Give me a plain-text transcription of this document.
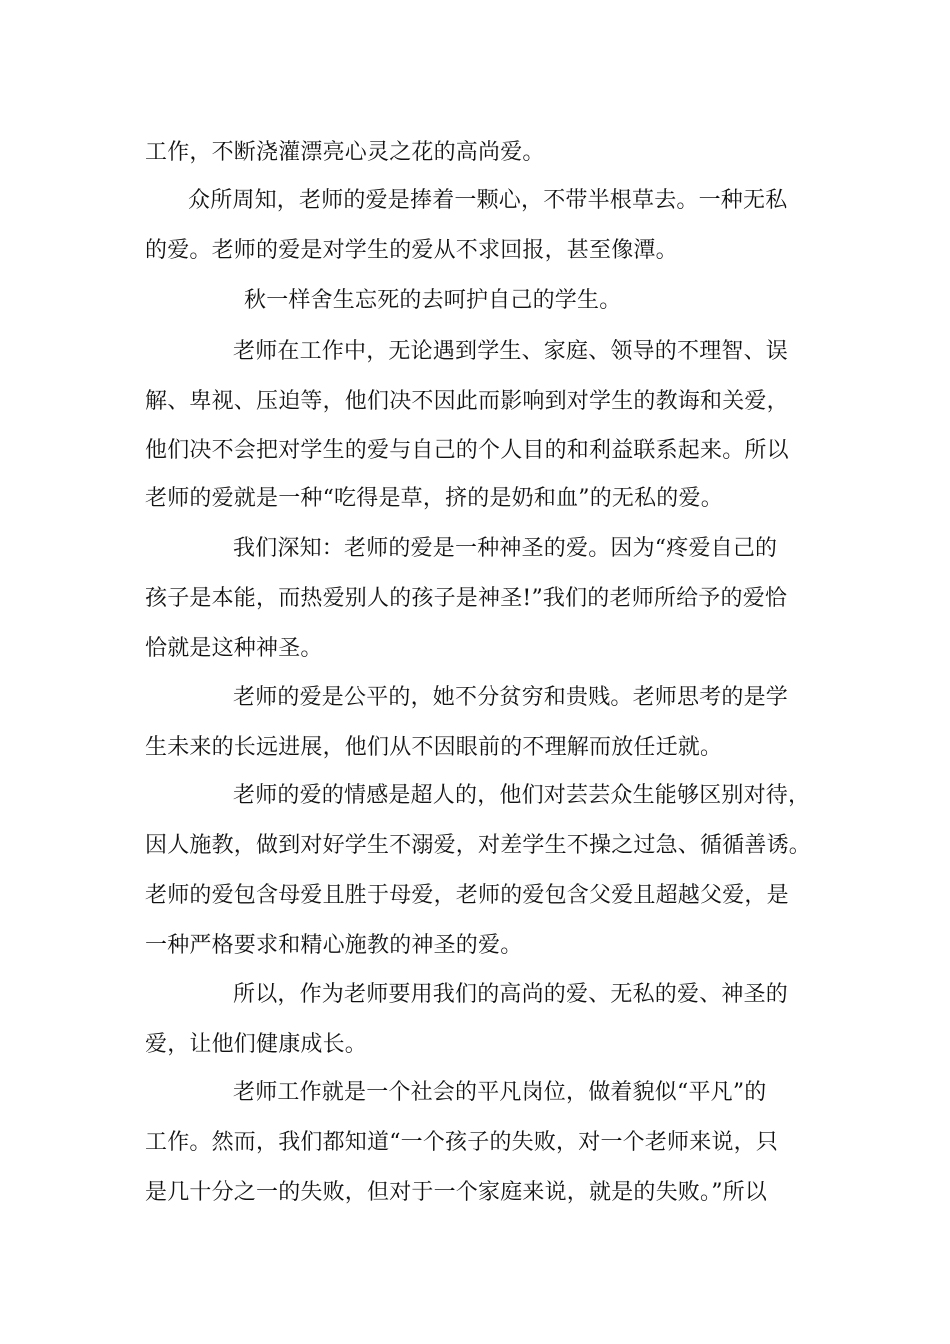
工作，不断浇灌漂亮心灵之花的高尚爱。

众所周知，老师的爱是捧着一颗心，不带半根草去。一种无私

的爱。老师的爱是对学生的爱从不求回报，甚至像潭。

秋一样舍生忘死的去呵护自己的学生。

老师在工作中，无论遇到学生、家庭、领导的不理智、误

解、卑视、压迫等，他们决不因此而影响到对学生的教诲和关爱，

他们决不会把对学生的爱与自己的个人目的和利益联系起来。所以

老师的爱就是一种“吃得是草，挤的是奶和血”的无私的爱。

我们深知：老师的爱是一种神圣的爱。因为“疼爱自己的

孩子是本能，而热爱别人的孩子是神圣!”我们的老师所给予的爱恰

恰就是这种神圣。

老师的爱是公平的，她不分贫穷和贵贱。老师思考的是学

生未来的长远进展，他们从不因眼前的不理解而放任迁就。

老师的爱的情感是超人的，他们对芸芸众生能够区别对待，

因人施教，做到对好学生不溺爱，对差学生不操之过急、循循善诱。

老师的爱包含母爱且胜于母爱，老师的爱包含父爱且超越父爱，是

一种严格要求和精心施教的神圣的爱。

所以，作为老师要用我们的高尚的爱、无私的爱、神圣的

爱，让他们健康成长。

老师工作就是一个社会的平凡岗位，做着貌似“平凡”的

工作。然而，我们都知道“一个孩子的失败，对一个老师来说，只

是几十分之一的失败，但对于一个家庭来说，就是的失败。”所以
